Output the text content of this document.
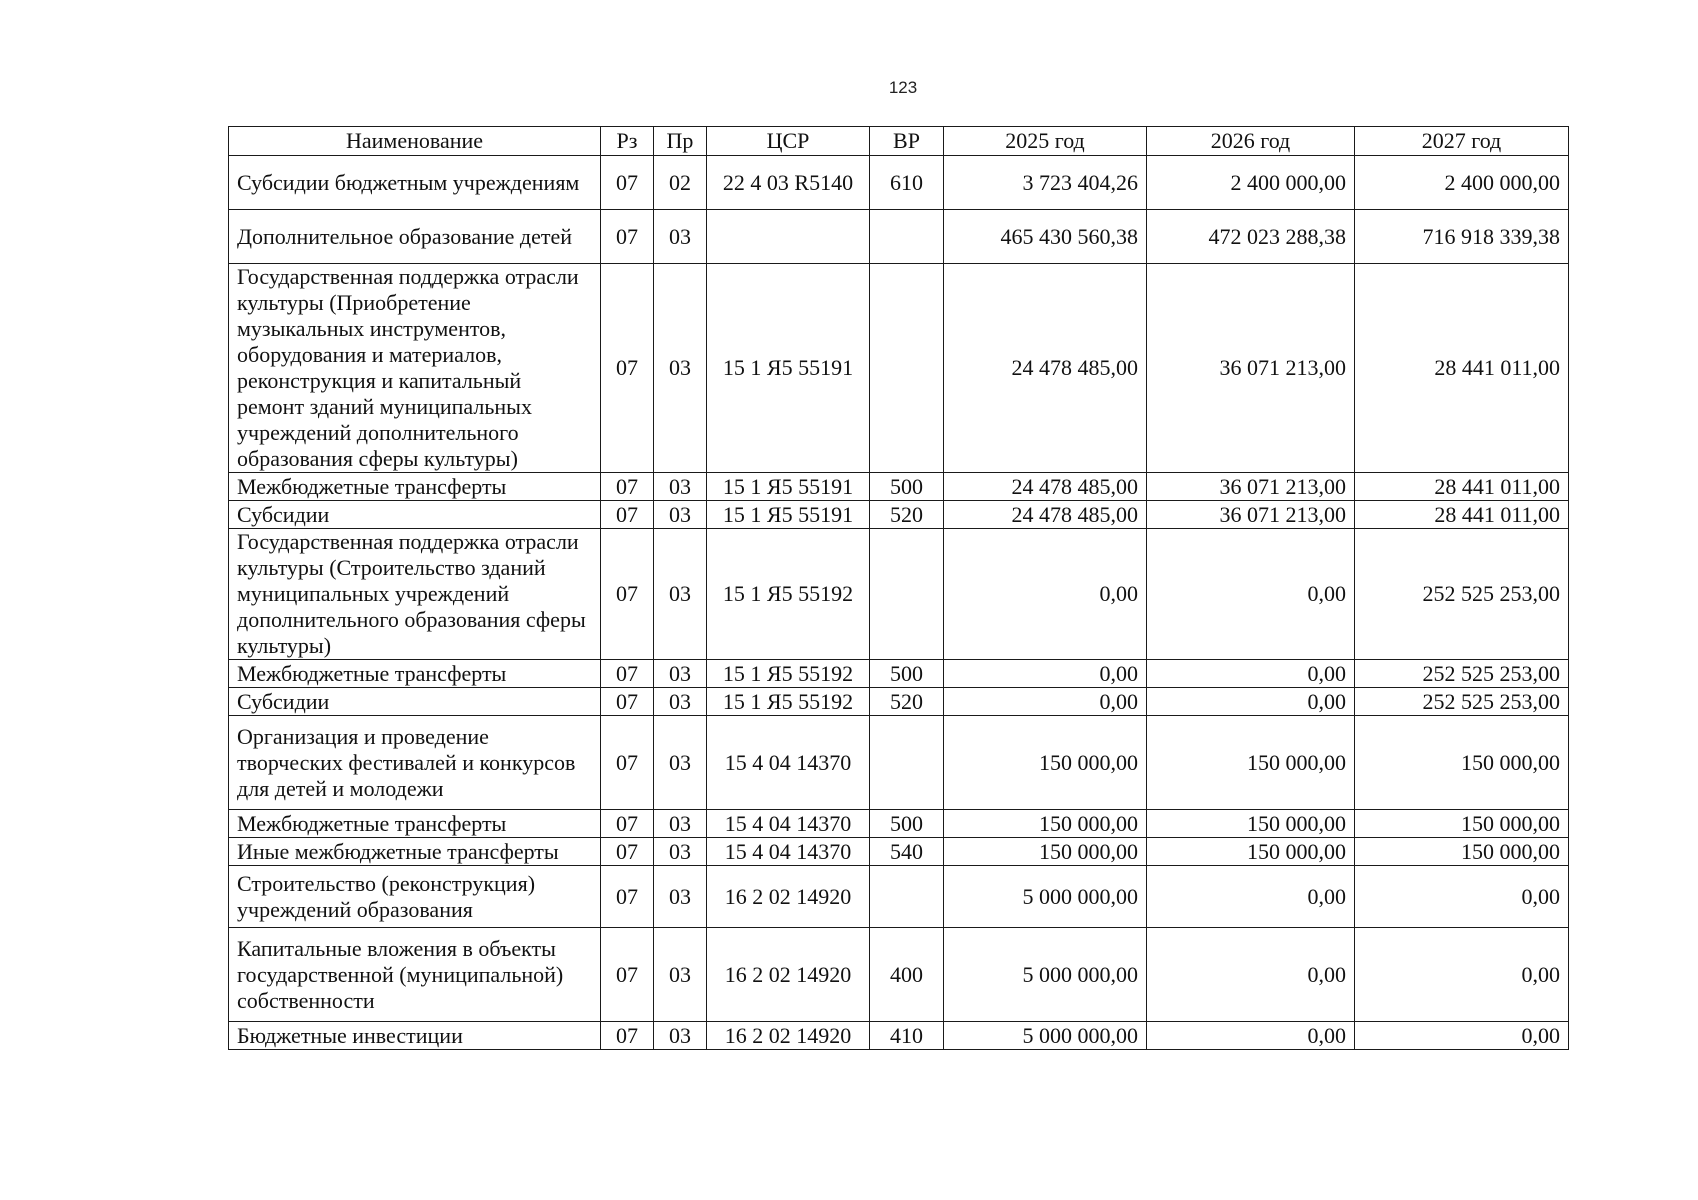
123
Наименование	Рз	Пр	ЦСР	ВР	2025 год	2026 год	2027 год
Субсидии бюджетным учреждениям	07	02	22 4 03 R5140	610	3 723 404,26	2 400 000,00	2 400 000,00
Дополнительное образование детей	07	03			465 430 560,38	472 023 288,38	716 918 339,38
Государственная поддержка отрасли культуры (Приобретение музыкальных инструментов, оборудования и материалов, реконструкция и капитальный ремонт зданий муниципальных учреждений дополнительного образования сферы культуры)	07	03	15 1 Я5 55191		24 478 485,00	36 071 213,00	28 441 011,00
Межбюджетные трансферты	07	03	15 1 Я5 55191	500	24 478 485,00	36 071 213,00	28 441 011,00
Субсидии	07	03	15 1 Я5 55191	520	24 478 485,00	36 071 213,00	28 441 011,00
Государственная поддержка отрасли культуры (Строительство зданий муниципальных учреждений дополнительного образования сферы культуры)	07	03	15 1 Я5 55192		0,00	0,00	252 525 253,00
Межбюджетные трансферты	07	03	15 1 Я5 55192	500	0,00	0,00	252 525 253,00
Субсидии	07	03	15 1 Я5 55192	520	0,00	0,00	252 525 253,00
Организация и проведение творческих фестивалей и конкурсов для детей и молодежи	07	03	15 4 04 14370		150 000,00	150 000,00	150 000,00
Межбюджетные трансферты	07	03	15 4 04 14370	500	150 000,00	150 000,00	150 000,00
Иные межбюджетные трансферты	07	03	15 4 04 14370	540	150 000,00	150 000,00	150 000,00
Строительство (реконструкция) учреждений образования	07	03	16 2 02 14920		5 000 000,00	0,00	0,00
Капитальные вложения в объекты государственной (муниципальной) собственности	07	03	16 2 02 14920	400	5 000 000,00	0,00	0,00
Бюджетные инвестиции	07	03	16 2 02 14920	410	5 000 000,00	0,00	0,00
